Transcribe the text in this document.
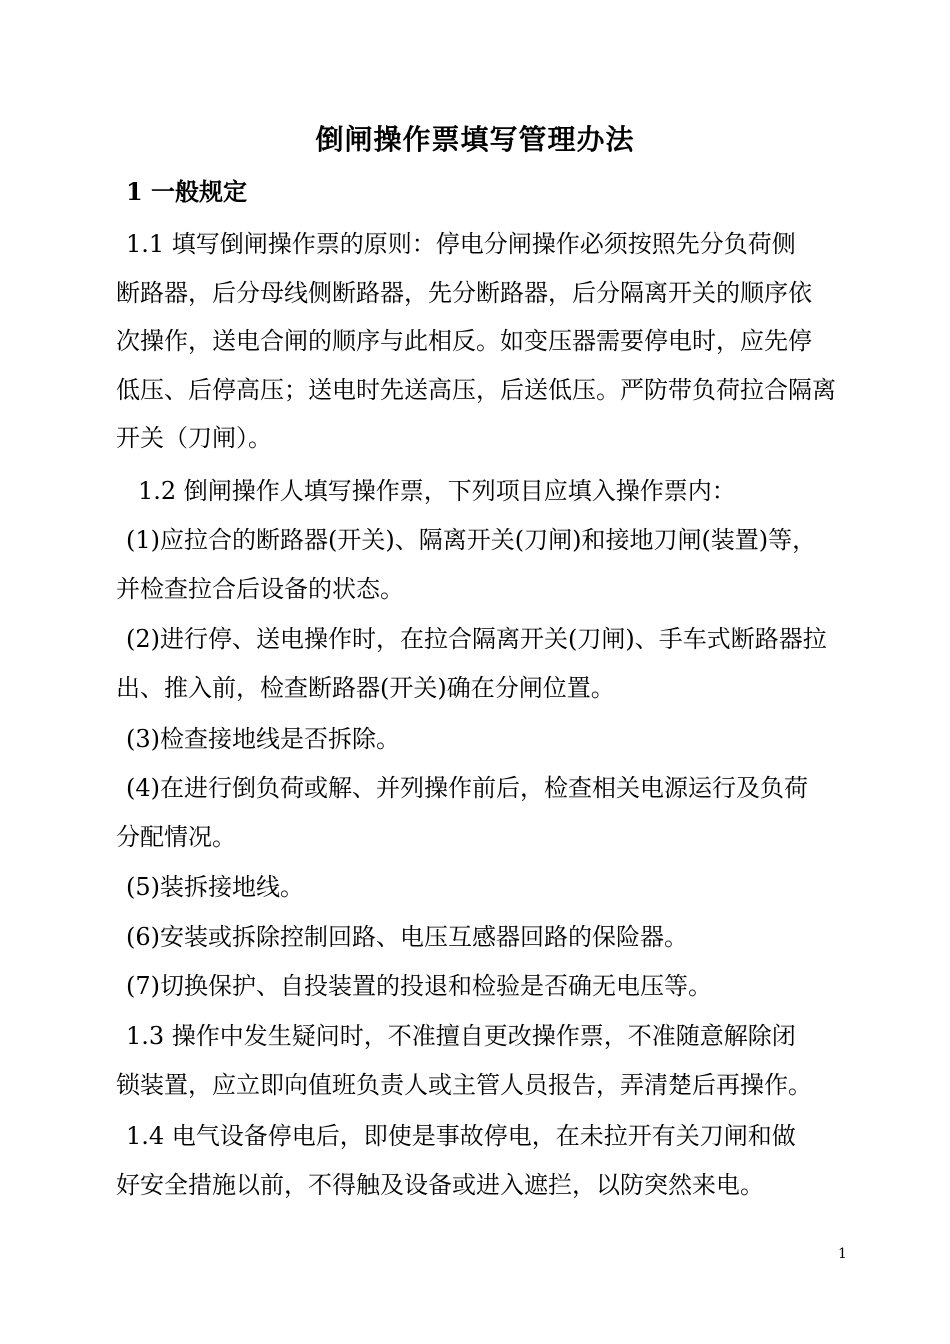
倒闸操作票填写管理办法
1 一般规定
1.1 填写倒闸操作票的原则：停电分闸操作必须按照先分负荷侧
断路器，后分母线侧断路器，先分断路器，后分隔离开关的顺序依
次操作，送电合闸的顺序与此相反。如变压器需要停电时，应先停
低压、后停高压；送电时先送高压，后送低压。严防带负荷拉合隔离
开关（刀闸）。
1.2 倒闸操作人填写操作票，下列项目应填入操作票内：
(1)应拉合的断路器(开关)、隔离开关(刀闸)和接地刀闸(装置)等，
并检查拉合后设备的状态。
(2)进行停、送电操作时，在拉合隔离开关(刀闸)、手车式断路器拉
出、推入前，检查断路器(开关)确在分闸位置。
(3)检查接地线是否拆除。
(4)在进行倒负荷或解、并列操作前后，检查相关电源运行及负荷
分配情况。
(5)装拆接地线。
(6)安装或拆除控制回路、电压互感器回路的保险器。
(7)切换保护、自投装置的投退和检验是否确无电压等。
1.3 操作中发生疑问时，不准擅自更改操作票，不准随意解除闭
锁装置，应立即向值班负责人或主管人员报告，弄清楚后再操作。
1.4 电气设备停电后，即使是事故停电，在未拉开有关刀闸和做
好安全措施以前，不得触及设备或进入遮拦，以防突然来电。
1
